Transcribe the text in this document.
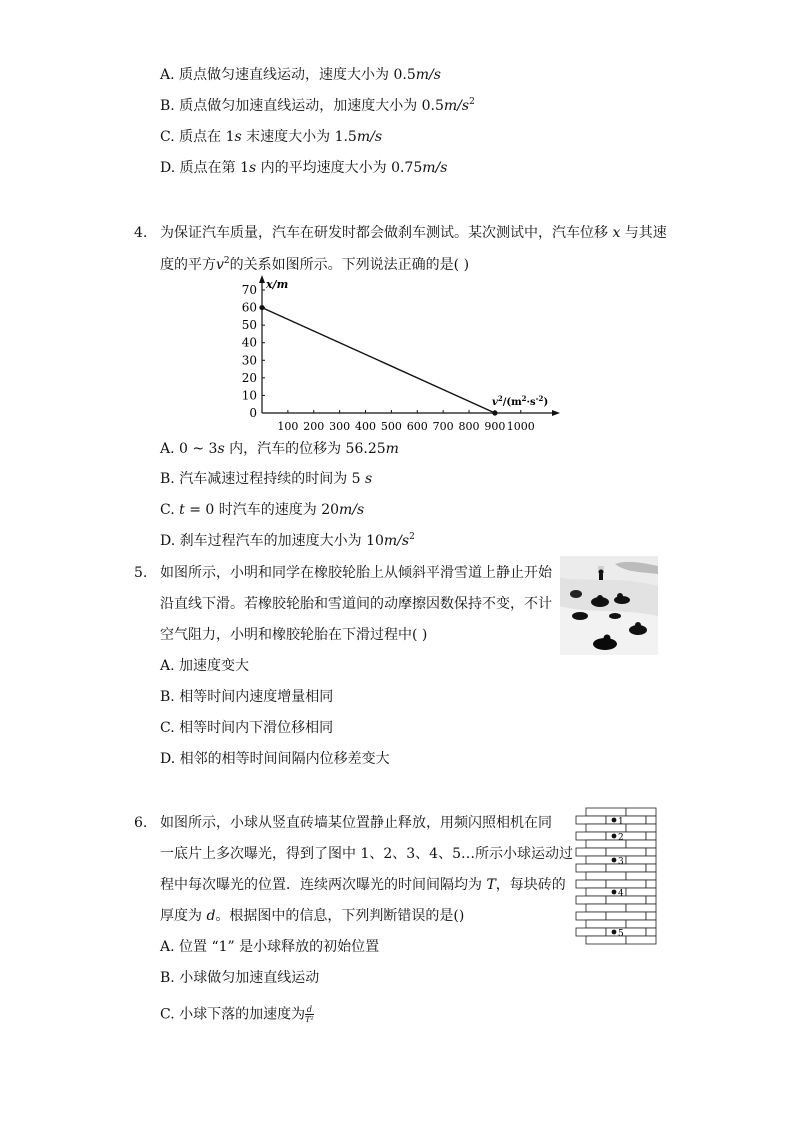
A. 质点做匀速直线运动，速度大小为 0.5m/s
B. 质点做匀加速直线运动，加速度大小为 $0.5m/s^2$
C. 质点在 1s 末速度大小为 1.5m/s
D. 质点在第 1s 内的平均速度大小为 0.75m/s
4. 为保证汽车质量，汽车在研发时都会做刹车测试。某次测试中，汽车位移 x 与其速
度的平方$v^2$的关系如图所示。下列说法正确的是( )
0
10
20
30
40
50
60
70
100 200 300 400 500 600 700 800 900 1000
x/m
$v^2/(m^2\cdot s^{-2})$
A. 0 ~ 3s 内，汽车的位移为 56.25m
B. 汽车减速过程持续的时间为 5 s
C. t = 0 时汽车的速度为 20m/s
D. 刹车过程汽车的加速度大小为 $10m/s^2$
5. 如图所示，小明和同学在橡胶轮胎上从倾斜平滑雪道上静止开始
沿直线下滑。若橡胶轮胎和雪道间的动摩擦因数保持不变，不计
空气阻力，小明和橡胶轮胎在下滑过程中( )
A. 加速度变大
B. 相等时间内速度增量相同
C. 相等时间内下滑位移相同
D. 相邻的相等时间间隔内位移差变大
6. 如图所示，小球从竖直砖墙某位置静止释放，用频闪照相机在同
一底片上多次曝光，得到了图中 1、2、3、4、5…所示小球运动过
程中每次曝光的位置．连续两次曝光的时间间隔均为 T，每块砖的
厚度为 d。根据图中的信息，下列判断错误的是()
1
2
3
4
5
A. 位置 “1” 是小球释放的初始位置
B. 小球做匀加速直线运动
C. 小球下落的加速度为 $\frac{d}{\text{T²}}$
